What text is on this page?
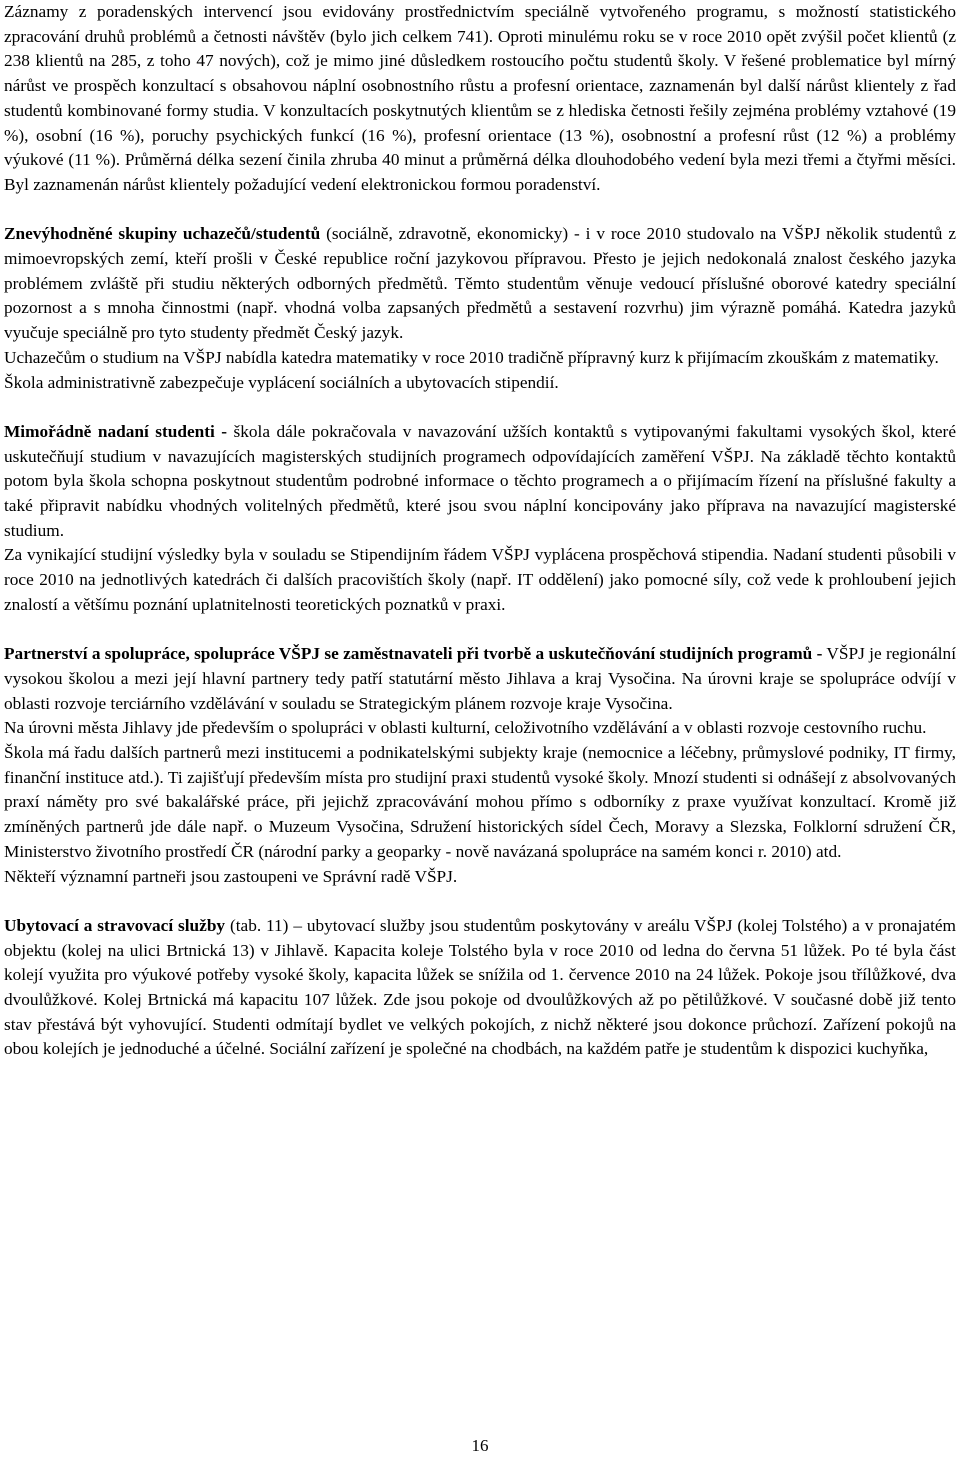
Záznamy z poradenských intervencí jsou evidovány prostřednictvím speciálně vytvořeného programu, s možností statistického zpracování druhů problémů a četnosti návštěv (bylo jich celkem 741). Oproti minulému roku se v roce 2010 opět zvýšil počet klientů (z 238 klientů na 285, z toho 47 nových), což je mimo jiné důsledkem rostoucího počtu studentů školy. V řešené problematice byl mírný nárůst ve prospěch konzultací s obsahovou náplní osobnostního růstu a profesní orientace, zaznamenán byl další nárůst klientely z řad studentů kombinované formy studia. V konzultacích poskytnutých klientům se z hlediska četnosti řešily zejména problémy vztahové (19 %), osobní (16 %), poruchy psychických funkcí (16 %), profesní orientace (13 %), osobnostní a profesní růst (12 %) a problémy výukové (11 %). Průměrná délka sezení činila zhruba 40 minut a průměrná délka dlouhodobého vedení byla mezi třemi a čtyřmi měsíci. Byl zaznamenán nárůst klientely požadující vedení elektronickou formou poradenství.

Znevýhodněné skupiny uchazečů/studentů (sociálně, zdravotně, ekonomicky) - i v roce 2010 studovalo na VŠPJ několik studentů z mimoevropských zemí, kteří prošli v České republice roční jazykovou přípravou. Přesto je jejich nedokonalá znalost českého jazyka problémem zvláště při studiu některých odborných předmětů. Těmto studentům věnuje vedoucí příslušné oborové katedry speciální pozornost a s mnoha činnostmi (např. vhodná volba zapsaných předmětů a sestavení rozvrhu) jim výrazně pomáhá. Katedra jazyků vyučuje speciálně pro tyto studenty předmět Český jazyk.

Uchazečům o studium na VŠPJ nabídla katedra matematiky v roce 2010 tradičně přípravný kurz k přijímacím zkouškám z matematiky.

Škola administrativně zabezpečuje vyplácení sociálních a ubytovacích stipendií.

Mimořádně nadaní studenti - škola dále pokračovala v navazování užších kontaktů s vytipovanými fakultami vysokých škol, které uskutečňují studium v navazujících magisterských studijních programech odpovídajících zaměření VŠPJ. Na základě těchto kontaktů potom byla škola schopna poskytnout studentům podrobné informace o těchto programech a o přijímacím řízení na příslušné fakulty a také připravit nabídku vhodných volitelných předmětů, které jsou svou náplní koncipovány jako příprava na navazující magisterské studium.

Za vynikající studijní výsledky byla v souladu se Stipendijním řádem VŠPJ vyplácena prospěchová stipendia. Nadaní studenti působili v roce 2010 na jednotlivých katedrách či dalších pracovištích školy (např. IT oddělení) jako pomocné síly, což vede k prohloubení jejich znalostí a většímu poznání uplatnitelnosti teoretických poznatků v praxi.

Partnerství a spolupráce, spolupráce VŠPJ se zaměstnavateli při tvorbě a uskutečňování studijních programů - VŠPJ je regionální vysokou školou a mezi její hlavní partnery tedy patří statutární město Jihlava a kraj Vysočina. Na úrovni kraje se spolupráce odvíjí v oblasti rozvoje terciárního vzdělávání v souladu se Strategickým plánem rozvoje kraje Vysočina.

Na úrovni města Jihlavy jde především o spolupráci v oblasti kulturní, celoživotního vzdělávání a v oblasti rozvoje cestovního ruchu.

Škola má řadu dalších partnerů mezi institucemi a podnikatelskými subjekty kraje (nemocnice a léčebny, průmyslové podniky, IT firmy, finanční instituce atd.). Ti zajišťují především místa pro studijní praxi studentů vysoké školy. Mnozí studenti si odnášejí z absolvovaných praxí náměty pro své bakalářské práce, při jejichž zpracovávání mohou přímo s odborníky z praxe využívat konzultací. Kromě již zmíněných partnerů jde dále např. o Muzeum Vysočina, Sdružení historických sídel Čech, Moravy a Slezska, Folklorní sdružení ČR, Ministerstvo životního prostředí ČR (národní parky a geoparky - nově navázaná spolupráce na samém konci r. 2010) atd.

Někteří významní partneři jsou zastoupeni ve Správní radě VŠPJ.

Ubytovací a stravovací služby (tab. 11) – ubytovací služby jsou studentům poskytovány v areálu VŠPJ (kolej Tolstého) a v pronajatém objektu (kolej na ulici Brtnická 13) v Jihlavě. Kapacita koleje Tolstého byla v roce 2010 od ledna do června 51 lůžek. Po té byla část kolejí využita pro výukové potřeby vysoké školy, kapacita lůžek se snížila od 1. července 2010 na 24 lůžek. Pokoje jsou třílůžkové, dva dvoulůžkové. Kolej Brtnická má kapacitu 107 lůžek. Zde jsou pokoje od dvoulůžkových až po pětilůžkové. V současné době již tento stav přestává být vyhovující. Studenti odmítají bydlet ve velkých pokojích, z nichž některé jsou dokonce průchozí. Zařízení pokojů na obou kolejích je jednoduché a účelné. Sociální zařízení je společné na chodbách, na každém patře je studentům k dispozici kuchyňka,

16
